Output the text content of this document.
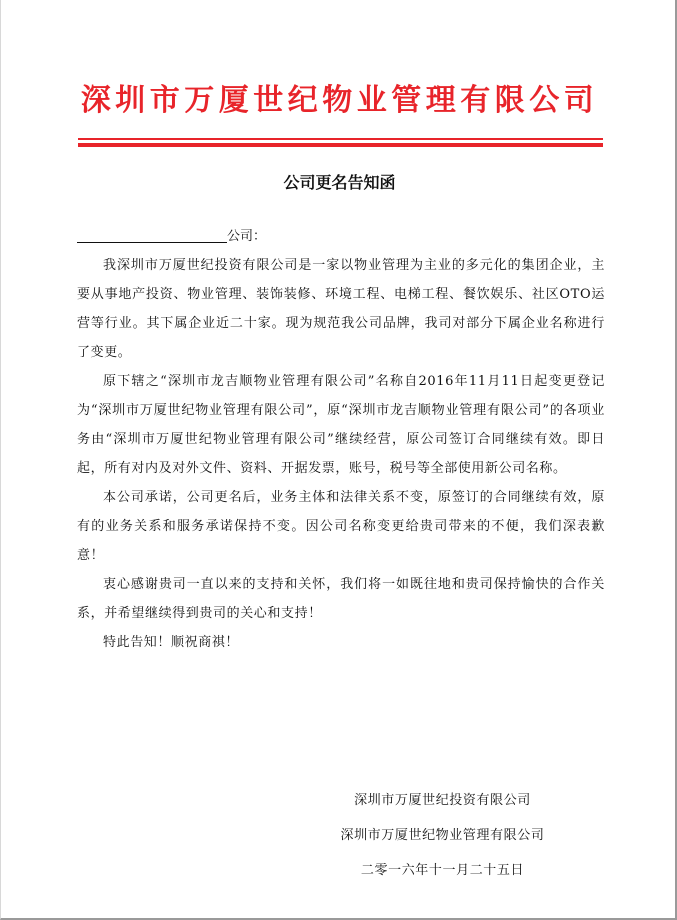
深圳市万厦世纪物业管理有限公司
公司更名告知函

公司：

我深圳市万厦世纪投资有限公司是一家以物业管理为主业的多元化的集团企业，主要从事地产投资、物业管理、装饰装修、环境工程、电梯工程、餐饮娱乐、社区OTO运营等行业。其下属企业近二十家。现为规范我公司品牌，我司对部分下属企业名称进行了变更。

原下辖之“深圳市龙吉顺物业管理有限公司”名称自2016年11月11日起变更登记为“深圳市万厦世纪物业管理有限公司”，原“深圳市龙吉顺物业管理有限公司”的各项业务由“深圳市万厦世纪物业管理有限公司”继续经营，原公司签订合同继续有效。即日起，所有对内及对外文件、资料、开据发票，账号，税号等全部使用新公司名称。

本公司承诺，公司更名后，业务主体和法律关系不变，原签订的合同继续有效，原有的业务关系和服务承诺保持不变。因公司名称变更给贵司带来的不便，我们深表歉意！

衷心感谢贵司一直以来的支持和关怀，我们将一如既往地和贵司保持愉快的合作关系，并希望继续得到贵司的关心和支持！

特此告知！顺祝商祺！

深圳市万厦世纪投资有限公司
深圳市万厦世纪物业管理有限公司
二零一六年十一月二十五日
